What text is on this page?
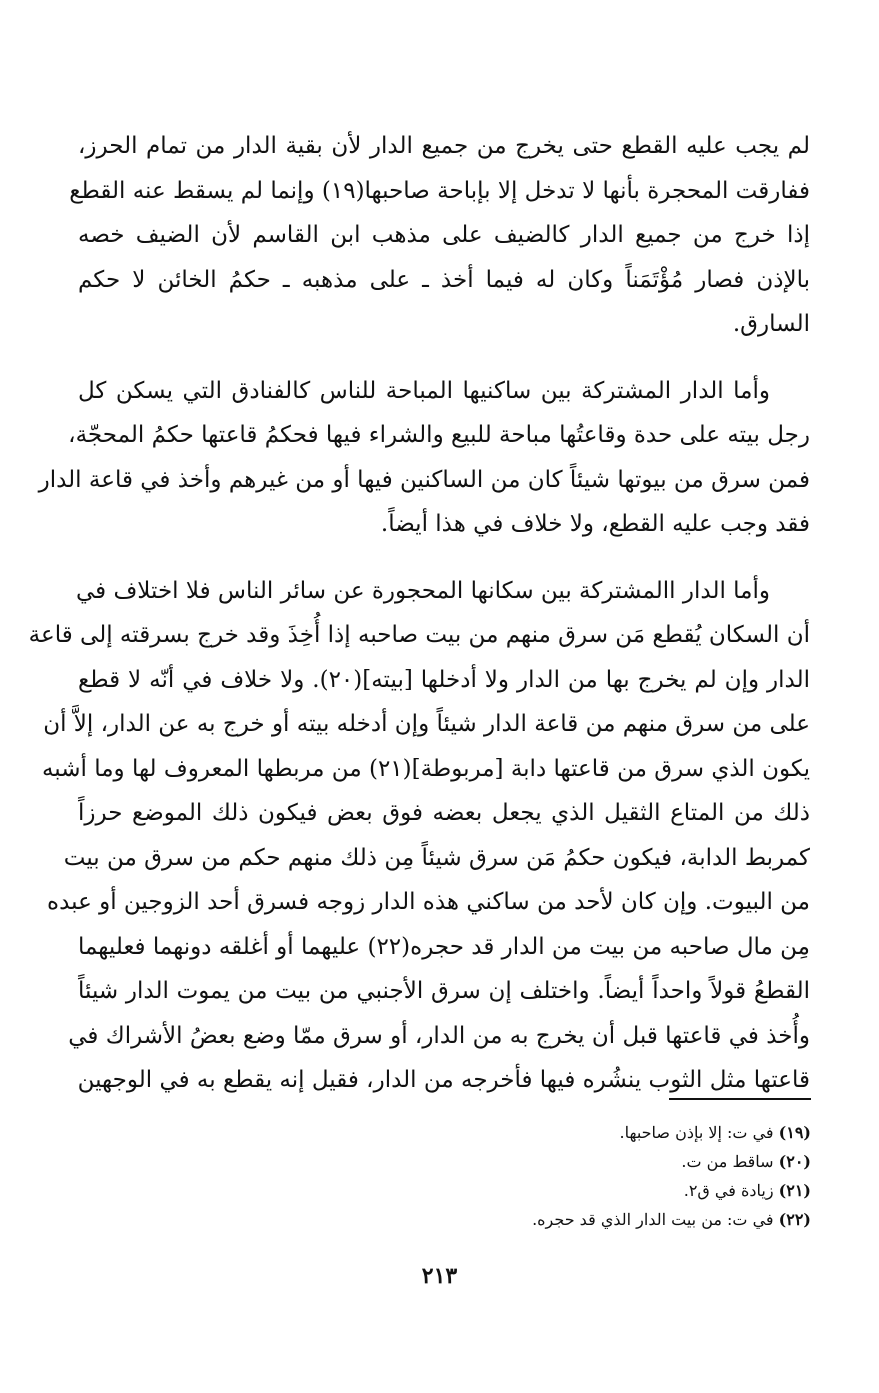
لم يجب عليه القطع حتى يخرج من جميع الدار لأن بقية الدار من تمام الحرز،
ففارقت المحجرة بأنها لا تدخل إلا بإباحة صاحبها(١٩) وإنما لم يسقط عنه القطع
إذا خرج من جميع الدار كالضيف على مذهب ابن القاسم لأن الضيف خصه
بالإذن فصار مُؤْتَمَناً وكان له فيما أخذ ـ على مذهبه ـ حكمُ الخائن لا حكم
السارق.
وأما الدار المشتركة بين ساكنيها المباحة للناس كالفنادق التي يسكن كل
رجل بيته على حدة وقاعتُها مباحة للبيع والشراء فيها فحكمُ قاعتها حكمُ المحجّة،
فمن سرق من بيوتها شيئاً كان من الساكنين فيها أو من غيرهم وأخذ في قاعة الدار
فقد وجب عليه القطع، ولا خلاف في هذا أيضاً.
وأما الدار االمشتركة بين سكانها المحجورة عن سائر الناس فلا اختلاف في
أن السكان يُقطع مَن سرق منهم من بيت صاحبه إذا أُخِذَ وقد خرج بسرقته إلى قاعة
الدار وإن لم يخرج بها من الدار ولا أدخلها [بيته](٢٠). ولا خلاف في أنّه لا قطع
على من سرق منهم من قاعة الدار شيئاً وإن أدخله بيته أو خرج به عن الدار، إلاَّ أن
يكون الذي سرق من قاعتها دابة [مربوطة](٢١) من مربطها المعروف لها وما أشبه
ذلك من المتاع الثقيل الذي يجعل بعضه فوق بعض فيكون ذلك الموضع حرزاً
كمربط الدابة، فيكون حكمُ مَن سرق شيئاً مِن ذلك منهم حكم من سرق من بيت
من البيوت. وإن كان لأحد من ساكني هذه الدار زوجه فسرق أحد الزوجين أو عبده
مِن مال صاحبه من بيت من الدار قد حجره(٢٢) عليهما أو أغلقه دونهما فعليهما
القطعُ قولاً واحداً أيضاً. واختلف إن سرق الأجنبي من بيت من يموت الدار شيئاً
وأُخذ في قاعتها قبل أن يخرج به من الدار، أو سرق ممّا وضع بعضُ الأشراك في
قاعتها مثل الثوب ينشُره فيها فأخرجه من الدار، فقيل إنه يقطع به في الوجهين
(١٩) في ت: إلا بإذن صاحبها.
(٢٠) ساقط من ت.
(٢١) زيادة في ق٢.
(٢٢) في ت: من بيت الدار الذي قد حجره.
٢١٣
